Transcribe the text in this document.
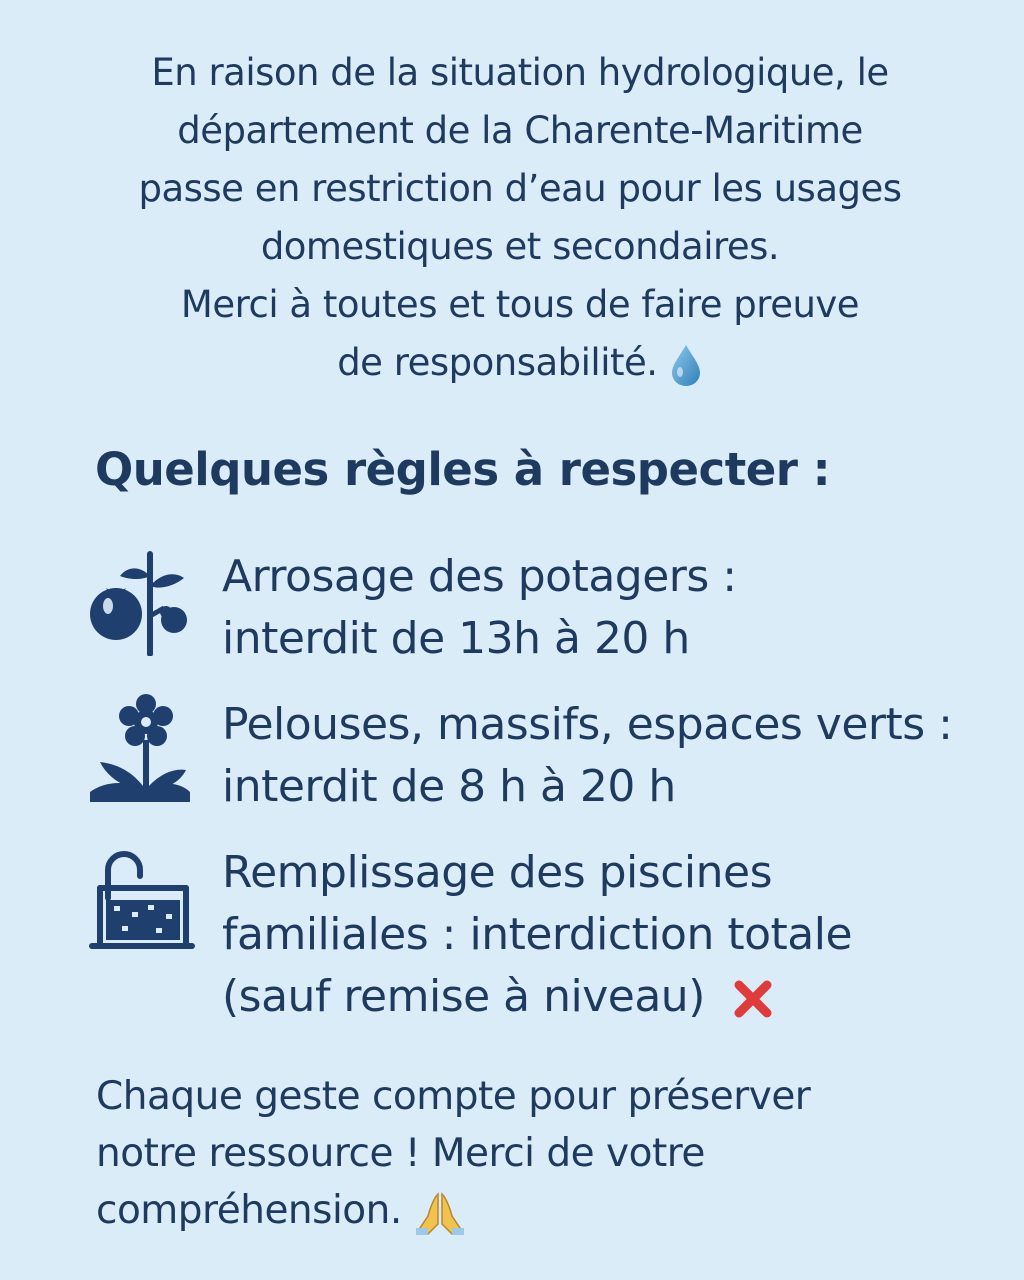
En raison de la situation hydrologique, le
département de la Charente-Maritime
passe en restriction d’eau pour les usages
domestiques et secondaires.
Merci à toutes et tous de faire preuve
de responsabilité.
Quelques règles à respecter :
Arrosage des potagers :
interdit de 13h à 20 h
Pelouses, massifs, espaces verts :
interdit de 8 h à 20 h
Remplissage des piscines
familiales : interdiction totale
(sauf remise à niveau)
Chaque geste compte pour préserver
notre ressource ! Merci de votre
compréhension.
